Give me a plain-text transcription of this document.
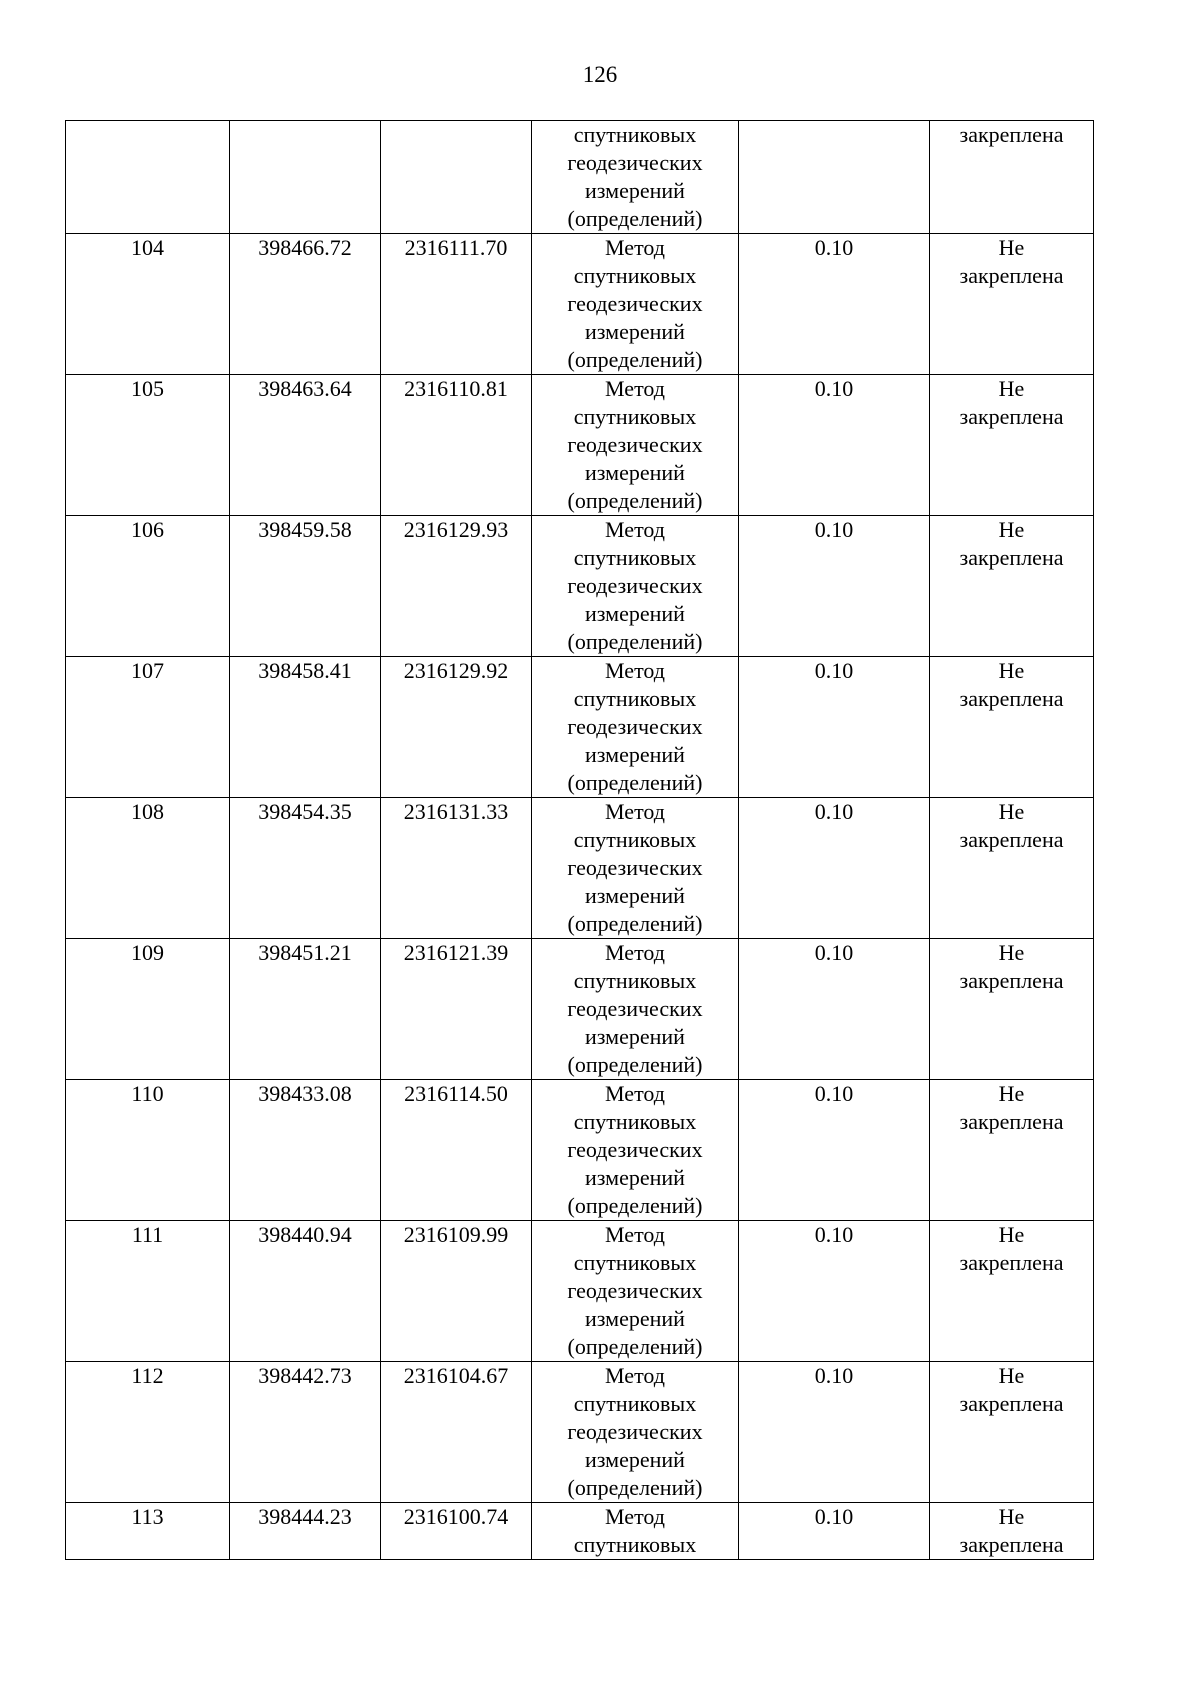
126

			спутниковых
геодезических
измерений
(определений)		закреплена

104	398466.72	2316111.70	Метод
спутниковых
геодезических
измерений
(определений)	0.10	Не
закреплена

105	398463.64	2316110.81	Метод
спутниковых
геодезических
измерений
(определений)	0.10	Не
закреплена

106	398459.58	2316129.93	Метод
спутниковых
геодезических
измерений
(определений)	0.10	Не
закреплена

107	398458.41	2316129.92	Метод
спутниковых
геодезических
измерений
(определений)	0.10	Не
закреплена

108	398454.35	2316131.33	Метод
спутниковых
геодезических
измерений
(определений)	0.10	Не
закреплена

109	398451.21	2316121.39	Метод
спутниковых
геодезических
измерений
(определений)	0.10	Не
закреплена

110	398433.08	2316114.50	Метод
спутниковых
геодезических
измерений
(определений)	0.10	Не
закреплена

111	398440.94	2316109.99	Метод
спутниковых
геодезических
измерений
(определений)	0.10	Не
закреплена

112	398442.73	2316104.67	Метод
спутниковых
геодезических
измерений
(определений)	0.10	Не
закреплена

113	398444.23	2316100.74	Метод
спутниковых	0.10	Не
закреплена
